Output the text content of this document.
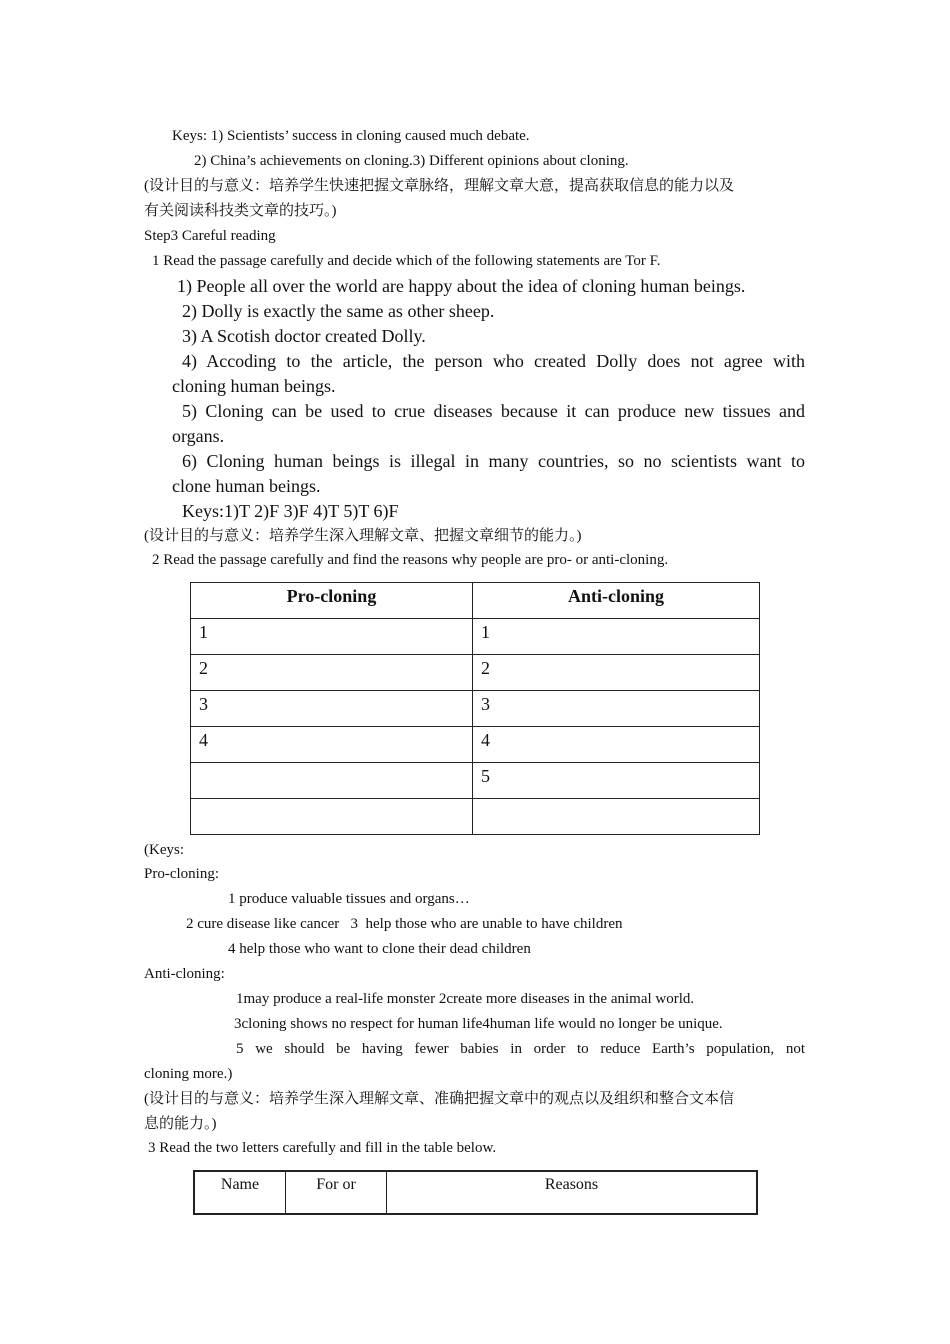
Keys: 1) Scientists’ success in cloning caused much debate.
2) China’s achievements on cloning.3) Different opinions about cloning.
(设计目的与意义：培养学生快速把握文章脉络，理解文章大意，提高获取信息的能力以及
有关阅读科技类文章的技巧。)
Step3 Careful reading
1 Read the passage carefully and decide which of the following statements are Tor F.
1) People all over the world are happy about the idea of cloning human beings.
2) Dolly is exactly the same as other sheep.
3) A Scotish doctor created Dolly.
4) Accoding to the article, the person who created Dolly does not agree with
cloning human beings.
5) Cloning can be used to crue diseases because it can produce new tissues and
organs.
6) Cloning human beings is illegal in many countries, so no scientists want to
clone human beings.
Keys:1)T 2)F 3)F 4)T 5)T 6)F
(设计目的与意义：培养学生深入理解文章、把握文章细节的能力。)
2 Read the passage carefully and find the reasons why people are pro- or anti-cloning.
Pro-cloning	Anti-cloning
1	1
2	2
3	3
4	4
	5

(Keys:
Pro-cloning:
1 produce valuable tissues and organs…
2 cure disease like cancer   3  help those who are unable to have children
4 help those who want to clone their dead children
Anti-cloning:
1may produce a real-life monster 2create more diseases in the animal world.
3cloning shows no respect for human life4human life would no longer be unique.
5 we should be having fewer babies in order to reduce Earth’s population, not
cloning more.)
(设计目的与意义：培养学生深入理解文章、准确把握文章中的观点以及组织和整合文本信
息的能力。)
3 Read the two letters carefully and fill in the table below.
Name	For or	Reasons
